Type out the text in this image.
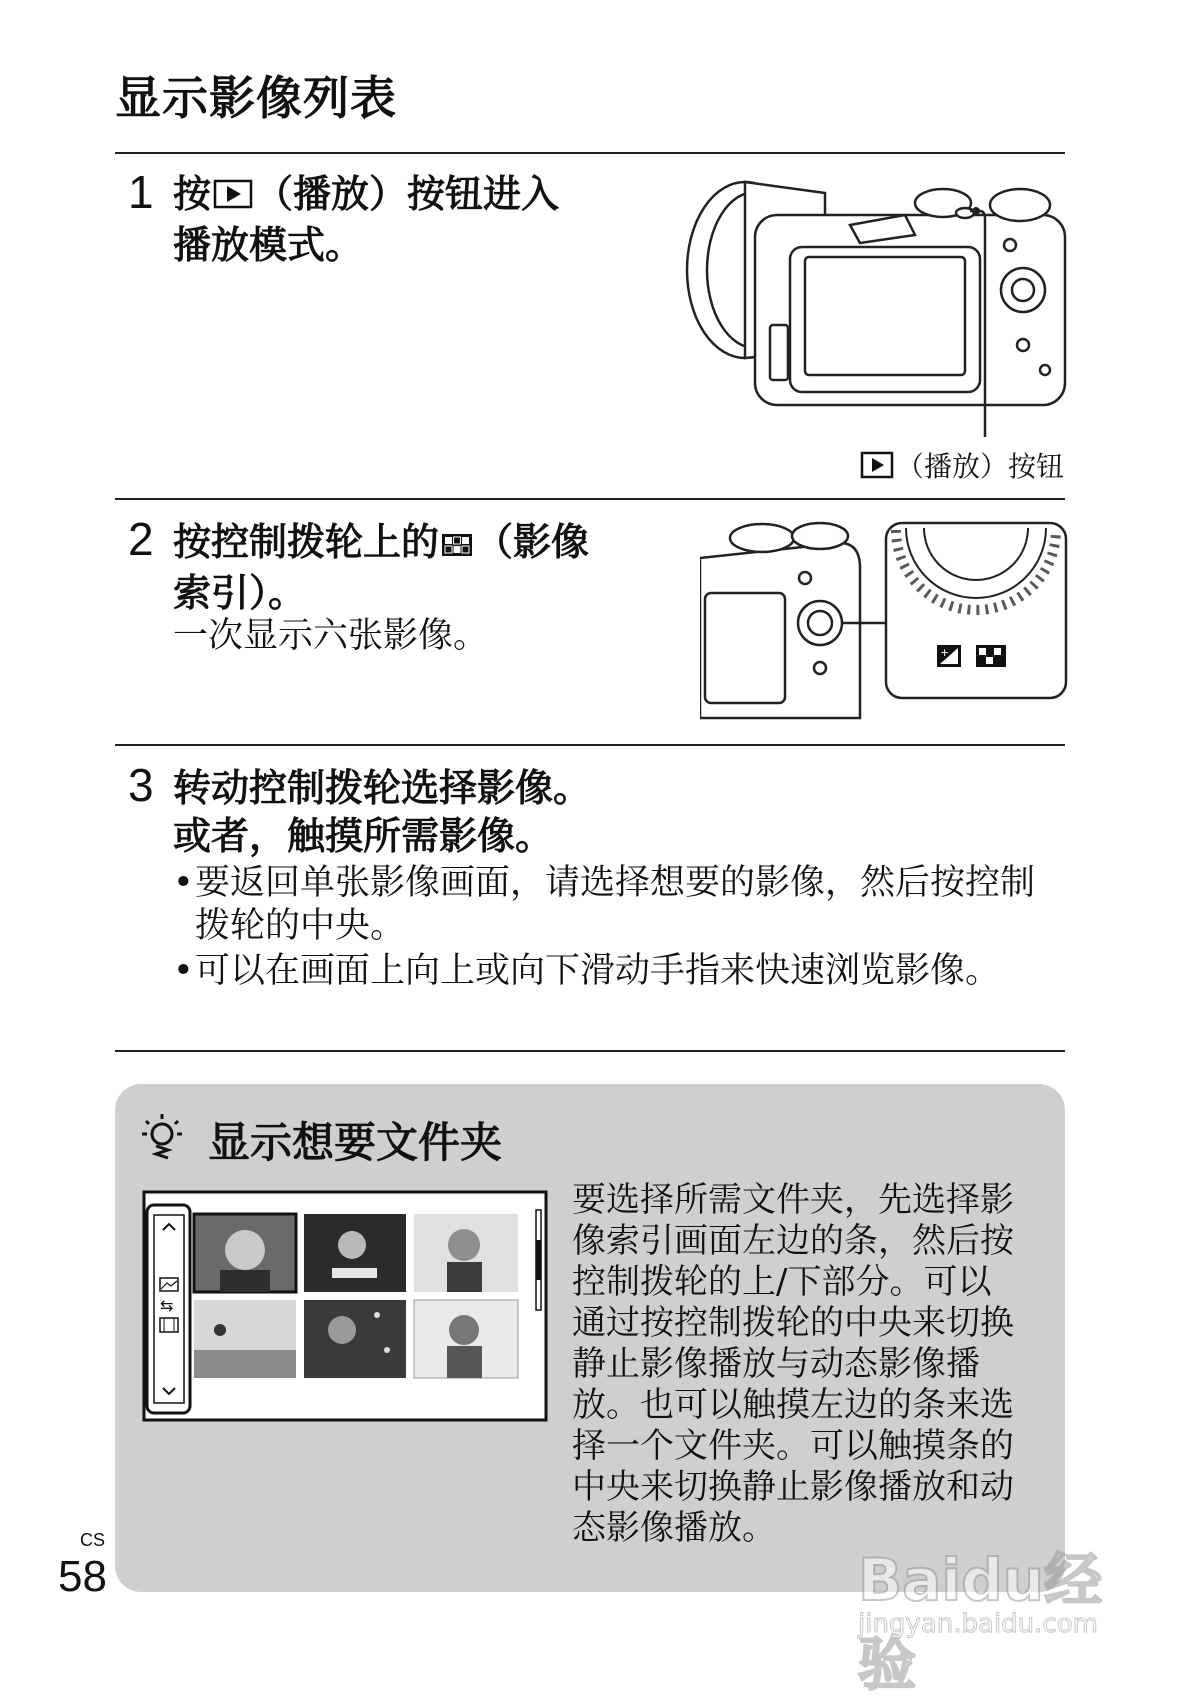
显示影像列表
1 按 （播放）按钮进入
播放模式。
（播放）按钮
2 按控制拨轮上的 （影像
索引）。
一次显示六张影像。	+
3 转动控制拨轮选择影像。
或者，触摸所需影像。
• 要返回单张影像画面，请选择想要的影像，然后按控制拨轮的中央。
• 可以在画面上向上或向下滑动手指来快速浏览影像。
显示想要文件夹
⇆
要选择所需文件夹，先选择影像索引画面左边的条，然后按控制拨轮的上/下部分。可以通过按控制拨轮的中央来切换静止影像播放与动态影像播放。也可以触摸左边的条来选择一个文件夹。可以触摸条的中央来切换静止影像播放和动态影像播放。
CS
58	Baidu经验
jingyan.baidu.com
